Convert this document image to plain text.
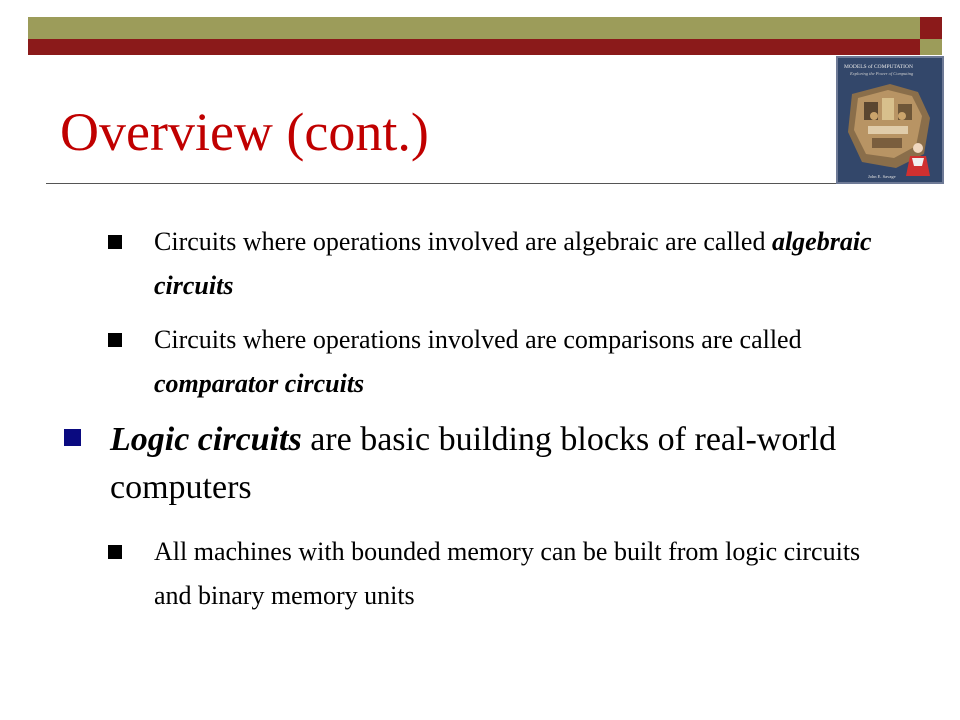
MODELS of COMPUTATION
Exploring the Power of Computing
John E. Savage
Overview (cont.)
Circuits where operations involved are algebraic are called algebraic circuits
Circuits where operations involved are comparisons are called comparator circuits
Logic circuits are basic building blocks of real-world computers
All machines with bounded memory can be built from logic circuits and binary memory units
